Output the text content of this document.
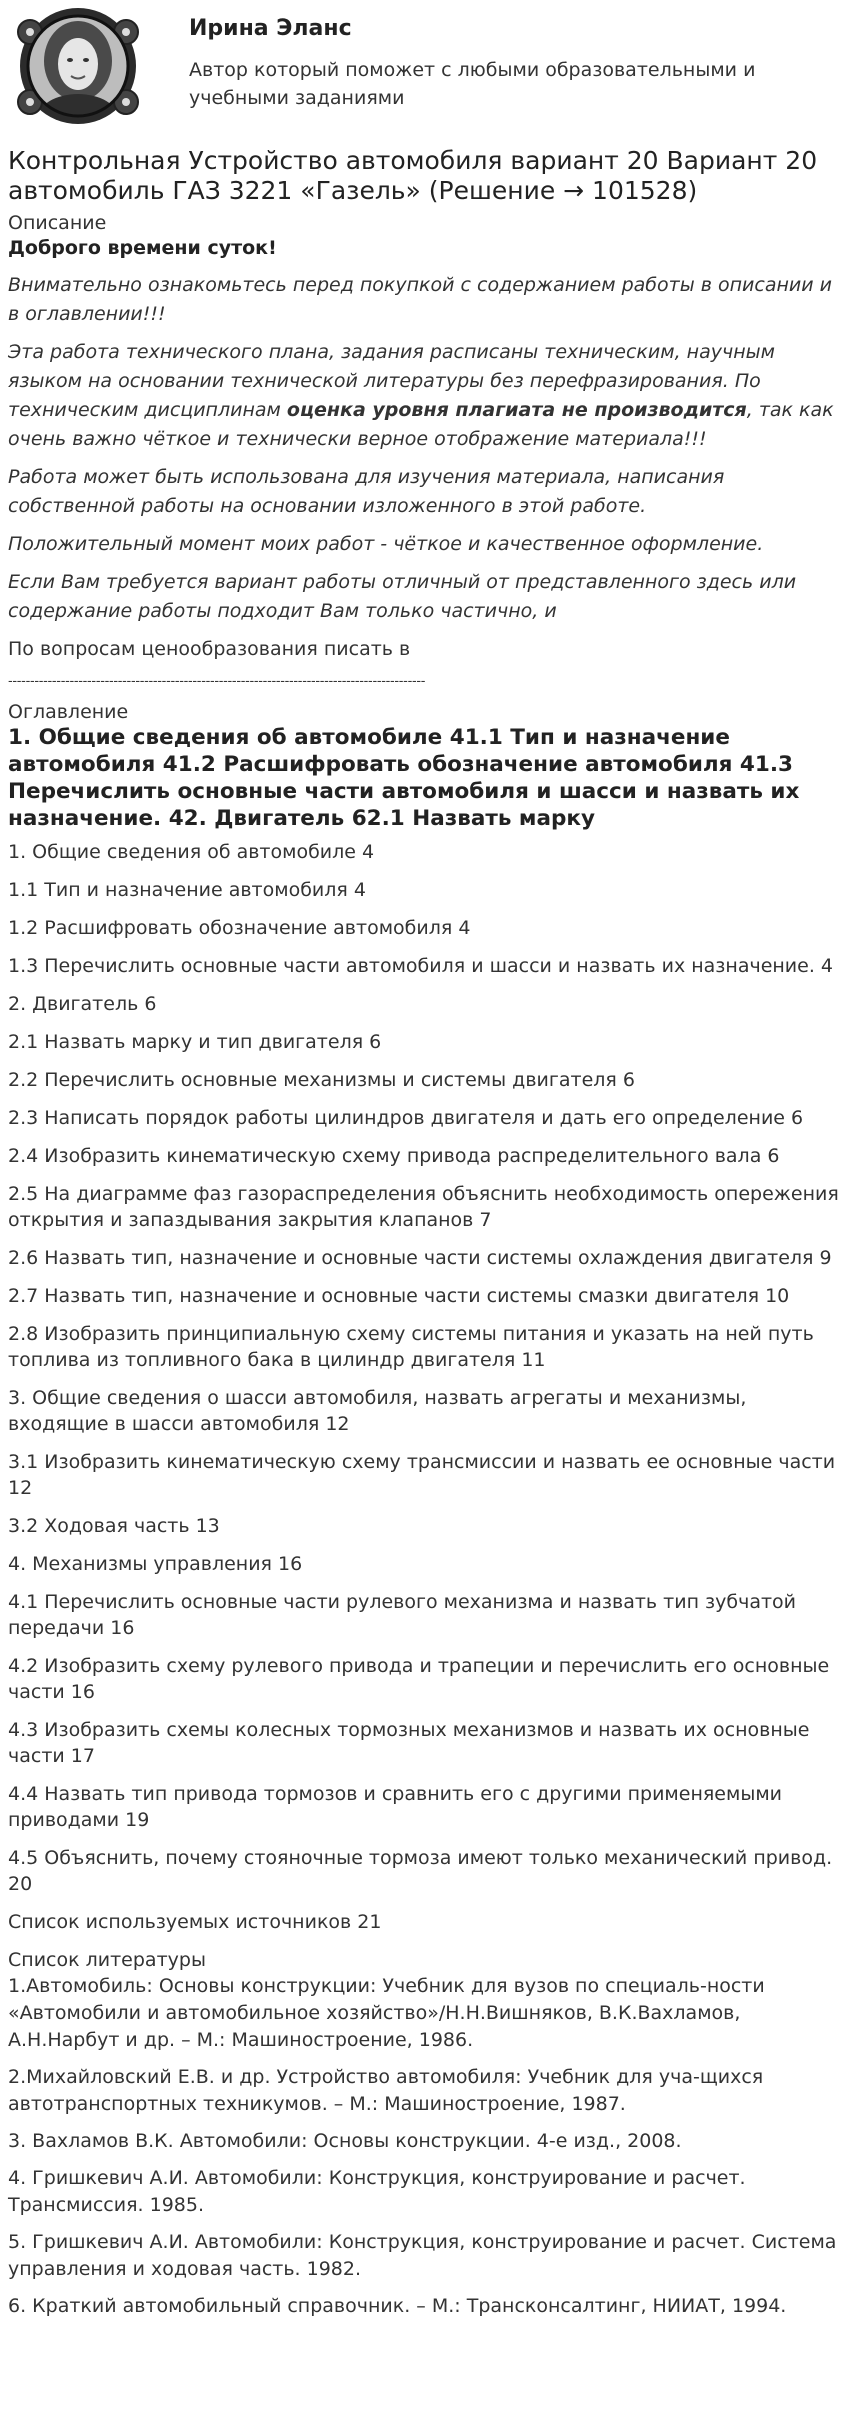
Ирина Эланс
Автор который поможет с любыми образовательными и учебными заданиями
Контрольная Устройство автомобиля вариант 20 Вариант 20 автомобиль ГАЗ 3221 «Газель» (Решение → 101528)

Описание

Доброго времени суток!

Внимательно ознакомьтесь перед покупкой с содержанием работы в описании и в оглавлении!!!

Эта работа технического плана, задания расписаны техническим, научным языком на основании технической литературы без перефразирования. По техническим дисциплинам оценка уровня плагиата не производится, так как очень важно чёткое и технически верное отображение материала!!!

Работа может быть использована для изучения материала, написания собственной работы на основании изложенного в этой работе.

Положительный момент моих работ - чёткое и качественное оформление.

Если Вам требуется вариант работы отличный от представленного здесь или содержание работы подходит Вам только частично, и

По вопросам ценообразования писать в

-----------------------------------------------------------------------------------------------

Оглавление

1. Общие сведения об автомобиле 41.1 Тип и назначение автомобиля 41.2 Расшифровать обозначение автомобиля 41.3 Перечислить основные части автомобиля и шасси и назвать их назначение. 42. Двигатель 62.1 Назвать марку

1. Общие сведения об автомобиле 4

1.1 Тип и назначение автомобиля 4

1.2 Расшифровать обозначение автомобиля 4

1.3 Перечислить основные части автомобиля и шасси и назвать их назначение. 4

2. Двигатель 6

2.1 Назвать марку и тип двигателя 6

2.2 Перечислить основные механизмы и системы двигателя 6

2.3 Написать порядок работы цилиндров двигателя и дать его определение 6

2.4 Изобразить кинематическую схему привода распределительного вала 6

2.5 На диаграмме фаз газораспределения объяснить необходимость опережения открытия и запаздывания закрытия клапанов 7

2.6 Назвать тип, назначение и основные части системы охлаждения двигателя 9

2.7 Назвать тип, назначение и основные части системы смазки двигателя 10

2.8 Изобразить принципиальную схему системы питания и указать на ней путь топлива из топливного бака в цилиндр двигателя 11

3. Общие сведения о шасси автомобиля, назвать агрегаты и механизмы, входящие в шасси автомобиля 12

3.1 Изобразить кинематическую схему трансмиссии и назвать ее основные части 12

3.2 Ходовая часть 13

4. Механизмы управления 16

4.1 Перечислить основные части рулевого механизма и назвать тип зубчатой передачи 16

4.2 Изобразить схему рулевого привода и трапеции и перечислить его основные части 16

4.3 Изобразить схемы колесных тормозных механизмов и назвать их основные части 17

4.4 Назвать тип привода тормозов и сравнить его с другими применяемыми приводами 19

4.5 Объяснить, почему стояночные тормоза имеют только механический привод. 20

Список используемых источников 21

Список литературы

1.Автомобиль: Основы конструкции: Учебник для вузов по специаль-ности «Автомобили и автомобильное хозяйство»/Н.Н.Вишняков, В.К.Вахламов, А.Н.Нарбут и др. – М.: Машиностроение, 1986.

2.Михайловский Е.В. и др. Устройство автомобиля: Учебник для уча-щихся автотранспортных техникумов. – М.: Машиностроение, 1987.

3. Вахламов В.К. Автомобили: Основы конструкции. 4-е изд., 2008.

4. Гришкевич А.И. Автомобили: Конструкция, конструирование и расчет. Трансмиссия. 1985.

5. Гришкевич А.И. Автомобили: Конструкция, конструирование и расчет. Система управления и ходовая часть. 1982.

6. Краткий автомобильный справочник. – М.: Трансконсалтинг, НИИАТ, 1994.
